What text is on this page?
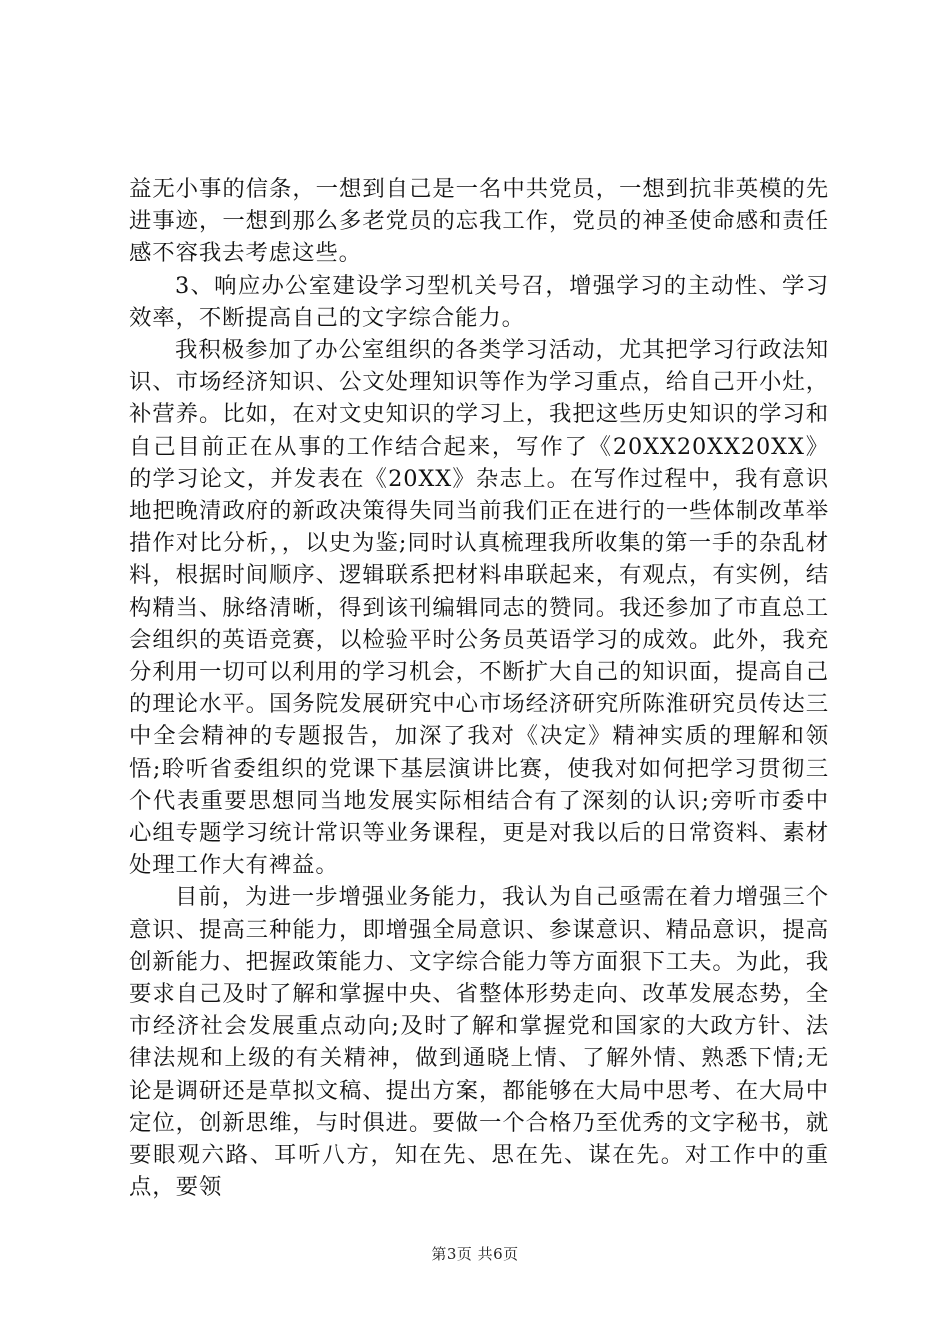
益无小事的信条，一想到自己是一名中共党员，一想到抗非英模的先进事迹，一想到那么多老党员的忘我工作，党员的神圣使命感和责任感不容我去考虑这些。

3、响应办公室建设学习型机关号召，增强学习的主动性、学习效率，不断提高自己的文字综合能力。

我积极参加了办公室组织的各类学习活动，尤其把学习行政法知识、市场经济知识、公文处理知识等作为学习重点，给自己开小灶，补营养。比如，在对文史知识的学习上，我把这些历史知识的学习和自己目前正在从事的工作结合起来，写作了《20XX20XX20XX》的学习论文，并发表在《20XX》杂志上。在写作过程中，我有意识地把晚清政府的新政决策得失同当前我们正在进行的一些体制改革举措作对比分析，，以史为鉴;同时认真梳理我所收集的第一手的杂乱材料，根据时间顺序、逻辑联系把材料串联起来，有观点，有实例，结构精当、脉络清晰，得到该刊编辑同志的赞同。我还参加了市直总工会组织的英语竞赛，以检验平时公务员英语学习的成效。此外，我充分利用一切可以利用的学习机会，不断扩大自己的知识面，提高自己的理论水平。国务院发展研究中心市场经济研究所陈淮研究员传达三中全会精神的专题报告，加深了我对《决定》精神实质的理解和领悟;聆听省委组织的党课下基层演讲比赛，使我对如何把学习贯彻三个代表重要思想同当地发展实际相结合有了深刻的认识;旁听市委中心组专题学习统计常识等业务课程，更是对我以后的日常资料、素材处理工作大有裨益。

目前，为进一步增强业务能力，我认为自己亟需在着力增强三个意识、提高三种能力，即增强全局意识、参谋意识、精品意识，提高创新能力、把握政策能力、文字综合能力等方面狠下工夫。为此，我要求自己及时了解和掌握中央、省整体形势走向、改革发展态势，全市经济社会发展重点动向;及时了解和掌握党和国家的大政方针、法律法规和上级的有关精神，做到通晓上情、了解外情、熟悉下情;无论是调研还是草拟文稿、提出方案，都能够在大局中思考、在大局中定位，创新思维，与时俱进。要做一个合格乃至优秀的文字秘书，就要眼观六路、耳听八方，知在先、思在先、谋在先。对工作中的重点，要领

第3页 共6页
